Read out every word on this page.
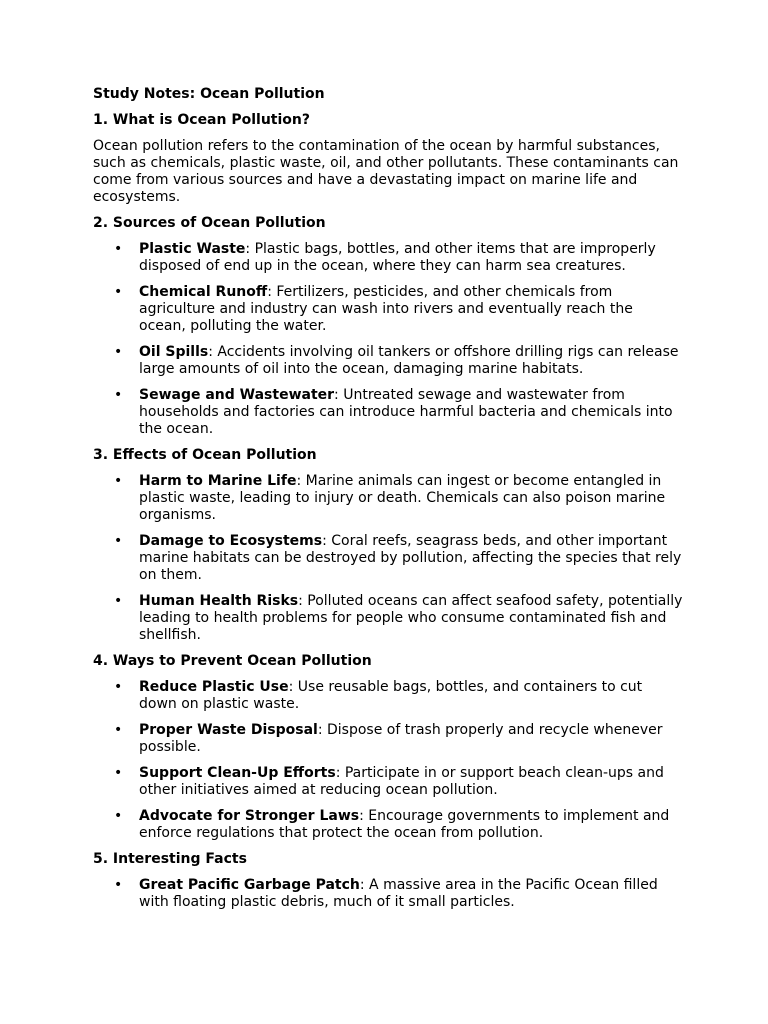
Study Notes: Ocean Pollution
1. What is Ocean Pollution?
Ocean pollution refers to the contamination of the ocean by harmful substances, such as chemicals, plastic waste, oil, and other pollutants. These contaminants can come from various sources and have a devastating impact on marine life and ecosystems.
2. Sources of Ocean Pollution
• Plastic Waste: Plastic bags, bottles, and other items that are improperly disposed of end up in the ocean, where they can harm sea creatures.
• Chemical Runoff: Fertilizers, pesticides, and other chemicals from agriculture and industry can wash into rivers and eventually reach the ocean, polluting the water.
• Oil Spills: Accidents involving oil tankers or offshore drilling rigs can release large amounts of oil into the ocean, damaging marine habitats.
• Sewage and Wastewater: Untreated sewage and wastewater from households and factories can introduce harmful bacteria and chemicals into the ocean.
3. Effects of Ocean Pollution
• Harm to Marine Life: Marine animals can ingest or become entangled in plastic waste, leading to injury or death. Chemicals can also poison marine organisms.
• Damage to Ecosystems: Coral reefs, seagrass beds, and other important marine habitats can be destroyed by pollution, affecting the species that rely on them.
• Human Health Risks: Polluted oceans can affect seafood safety, potentially leading to health problems for people who consume contaminated fish and shellfish.
4. Ways to Prevent Ocean Pollution
• Reduce Plastic Use: Use reusable bags, bottles, and containers to cut down on plastic waste.
• Proper Waste Disposal: Dispose of trash properly and recycle whenever possible.
• Support Clean-Up Efforts: Participate in or support beach clean-ups and other initiatives aimed at reducing ocean pollution.
• Advocate for Stronger Laws: Encourage governments to implement and enforce regulations that protect the ocean from pollution.
5. Interesting Facts
• Great Pacific Garbage Patch: A massive area in the Pacific Ocean filled with floating plastic debris, much of it small particles.
